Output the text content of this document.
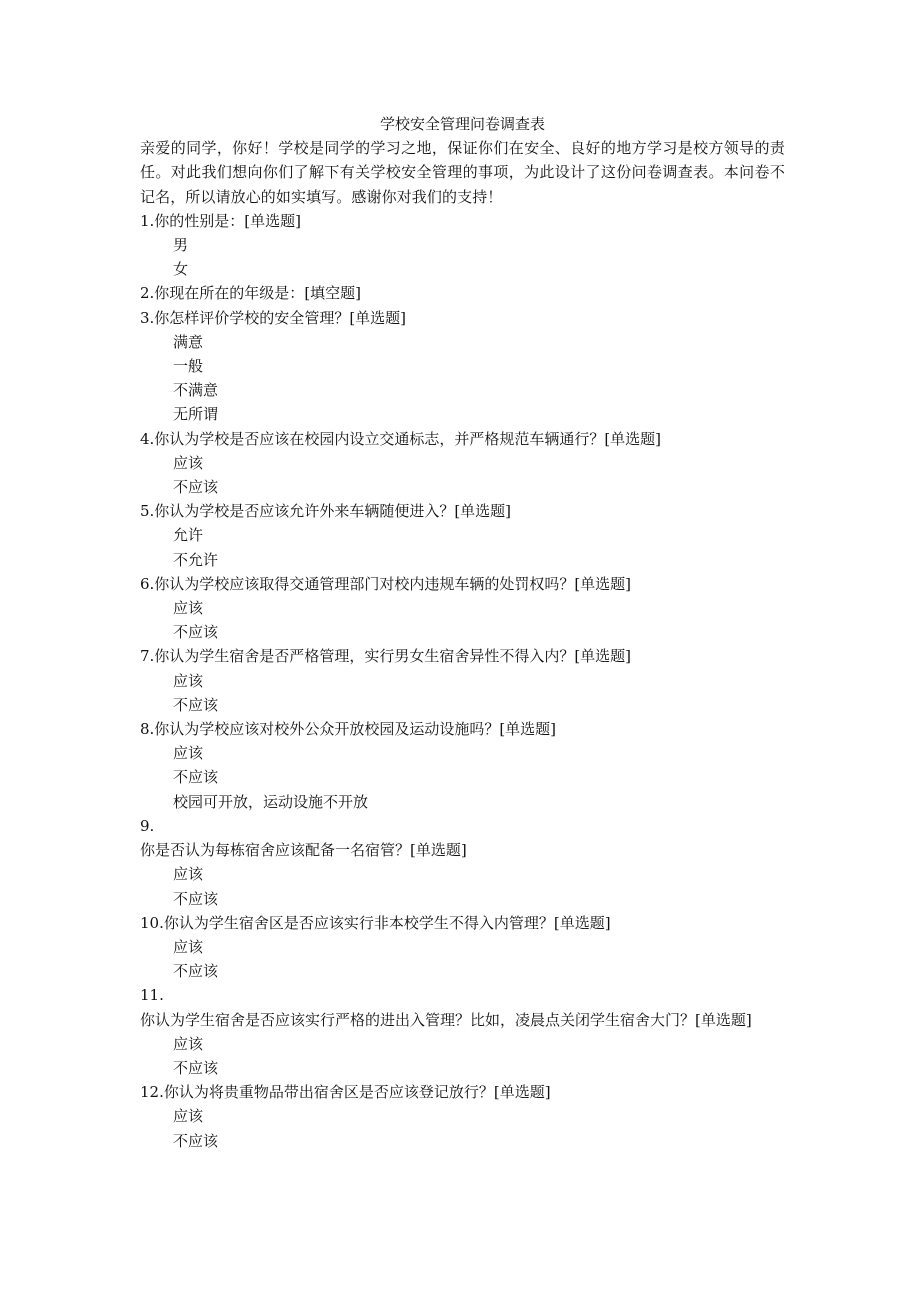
学校安全管理问卷调查表

亲爱的同学，你好！学校是同学的学习之地，保证你们在安全、良好的地方学习是校方领导的责任。对此我们想向你们了解下有关学校安全管理的事项，为此设计了这份问卷调查表。本问卷不记名，所以请放心的如实填写。感谢你对我们的支持！

1.你的性别是：[单选题]

男
女

2.你现在所在的年级是：[填空题]

3.你怎样评价学校的安全管理？[单选题]

满意
一般
不满意
无所谓

4.你认为学校是否应该在校园内设立交通标志，并严格规范车辆通行？[单选题]

应该
不应该

5.你认为学校是否应该允许外来车辆随便进入？[单选题]

允许
不允许

6.你认为学校应该取得交通管理部门对校内违规车辆的处罚权吗？[单选题]

应该
不应该

7.你认为学生宿舍是否严格管理，实行男女生宿舍异性不得入内？[单选题]

应该
不应该

8.你认为学校应该对校外公众开放校园及运动设施吗？[单选题]

应该
不应该
校园可开放，运动设施不开放

9.

你是否认为每栋宿舍应该配备一名宿管？[单选题]

应该
不应该

10.你认为学生宿舍区是否应该实行非本校学生不得入内管理？[单选题]

应该
不应该

11.

你认为学生宿舍是否应该实行严格的进出入管理？比如，凌晨点关闭学生宿舍大门？[单选题]

应该
不应该

12.你认为将贵重物品带出宿舍区是否应该登记放行？[单选题]

应该
不应该
